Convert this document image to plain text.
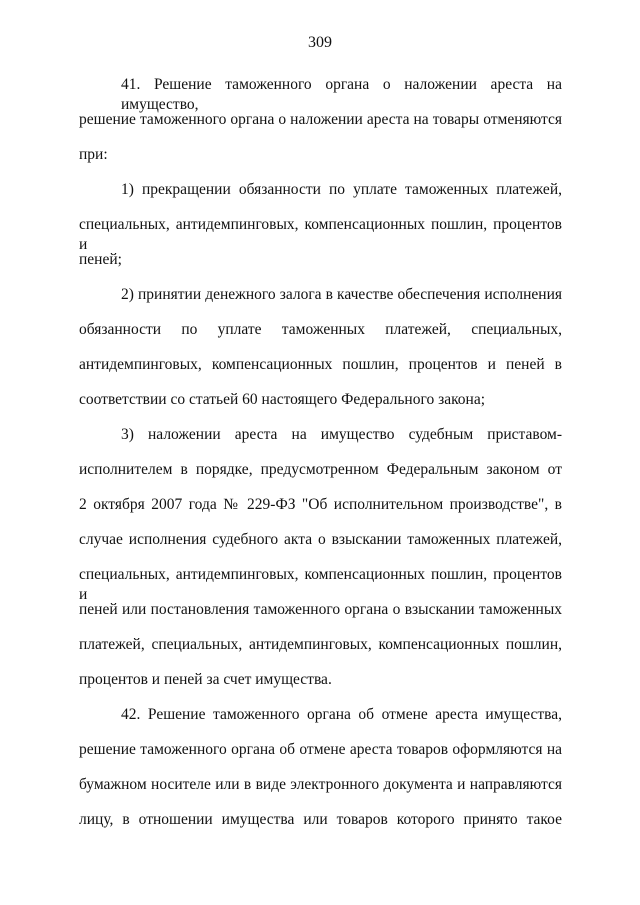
309
41. Решение таможенного органа о наложении ареста на имущество,
решение таможенного органа о наложении ареста на товары отменяются
при:
1) прекращении обязанности по уплате таможенных платежей,
специальных, антидемпинговых, компенсационных пошлин, процентов и
пеней;
2) принятии денежного залога в качестве обеспечения исполнения
обязанности по уплате таможенных платежей, специальных,
антидемпинговых, компенсационных пошлин, процентов и пеней в
соответствии со статьей 60 настоящего Федерального закона;
3) наложении ареста на имущество судебным приставом-
исполнителем в порядке, предусмотренном Федеральным законом от
2 октября 2007 года № 229-ФЗ "Об исполнительном производстве", в
случае исполнения судебного акта о взыскании таможенных платежей,
специальных, антидемпинговых, компенсационных пошлин, процентов и
пеней или постановления таможенного органа о взыскании таможенных
платежей, специальных, антидемпинговых, компенсационных пошлин,
процентов и пеней за счет имущества.
42. Решение таможенного органа об отмене ареста имущества,
решение таможенного органа об отмене ареста товаров оформляются на
бумажном носителе или в виде электронного документа и направляются
лицу, в отношении имущества или товаров которого принято такое
